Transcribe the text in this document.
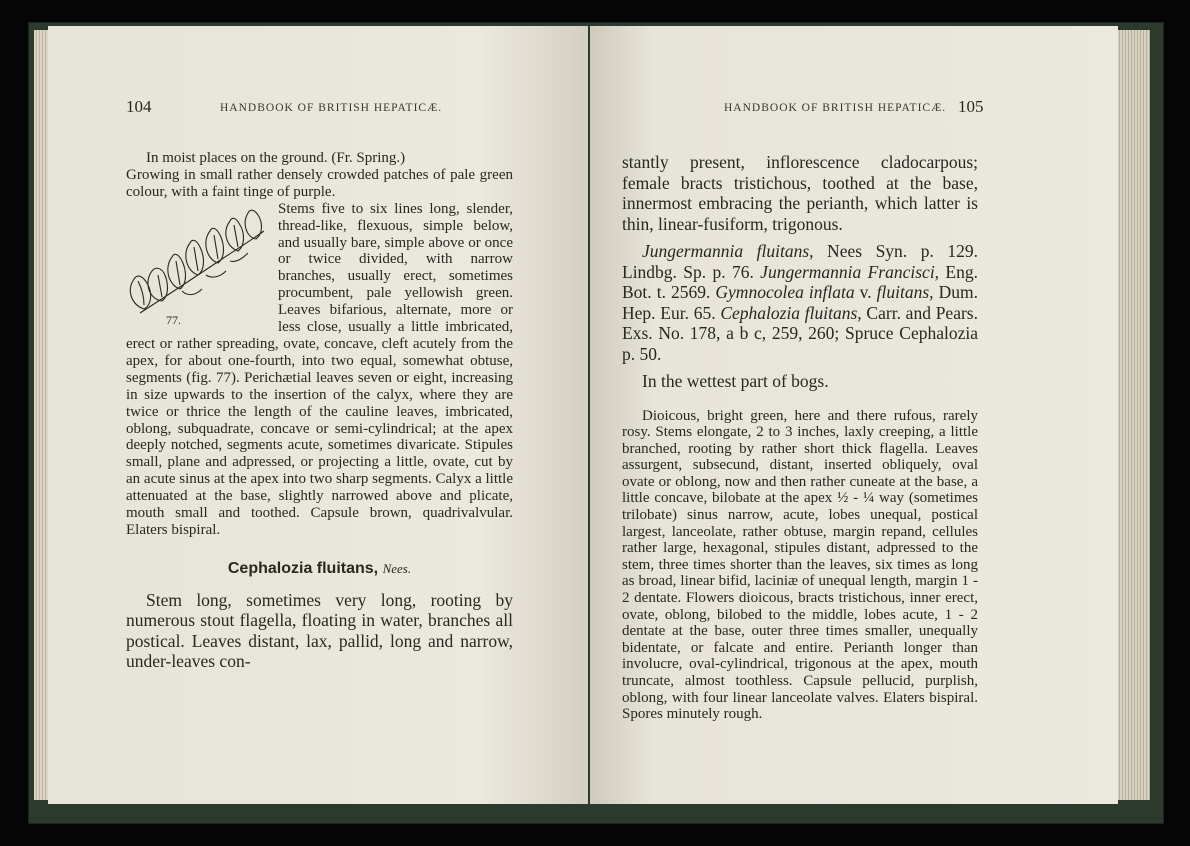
104	HANDBOOK OF BRITISH HEPATICÆ.

In moist places on the ground. (Fr. Spring.)

Growing in small rather densely crowded patches of pale green colour, with a faint tinge of purple.

77.

Stems five to six lines long, slender, thread-like, flexuous, simple below, and usually bare, simple above or once or twice divided, with narrow branches, usually erect, sometimes procumbent, pale yellowish green. Leaves bifarious, alternate, more or less close, usually a little imbricated, erect or rather spreading, ovate, concave, cleft acutely from the apex, for about one-fourth, into two equal, somewhat obtuse, segments (fig. 77). Perichætial leaves seven or eight, increasing in size upwards to the insertion of the calyx, where they are twice or thrice the length of the cauline leaves, imbricated, oblong, subquadrate, concave or semi-cylindrical; at the apex deeply notched, segments acute, sometimes divaricate. Stipules small, plane and adpressed, or projecting a little, ovate, cut by an acute sinus at the apex into two sharp segments. Calyx a little attenuated at the base, slightly narrowed above and plicate, mouth small and toothed. Capsule brown, quadrivalvular. Elaters bispiral.

Cephalozia fluitans, Nees.

Stem long, sometimes very long, rooting by numerous stout flagella, floating in water, branches all postical. Leaves distant, lax, pallid, long and narrow, under-leaves con-

HANDBOOK OF BRITISH HEPATICÆ. 105

stantly present, inflorescence cladocarpous; female bracts tristichous, toothed at the base, innermost embracing the perianth, which latter is thin, linear-fusiform, trigonous.

Jungermannia fluitans, Nees Syn. p. 129. Lindbg. Sp. p. 76. Jungermannia Francisci, Eng. Bot. t. 2569. Gymnocolea inflata v. fluitans, Dum. Hep. Eur. 65. Cephalozia fluitans, Carr. and Pears. Exs. No. 178, a b c, 259, 260; Spruce Cephalozia p. 50.

In the wettest part of bogs.

Dioicous, bright green, here and there rufous, rarely rosy. Stems elongate, 2 to 3 inches, laxly creeping, a little branched, rooting by rather short thick flagella. Leaves assurgent, subsecund, distant, inserted obliquely, oval ovate or oblong, now and then rather cuneate at the base, a little concave, bilobate at the apex ½ - ¼ way (sometimes trilobate) sinus narrow, acute, lobes unequal, postical largest, lanceolate, rather obtuse, margin repand, cellules rather large, hexagonal, stipules distant, adpressed to the stem, three times shorter than the leaves, six times as long as broad, linear bifid, laciniæ of unequal length, margin 1 - 2 dentate. Flowers dioicous, bracts tristichous, inner erect, ovate, oblong, bilobed to the middle, lobes acute, 1 - 2 dentate at the base, outer three times smaller, unequally bidentate, or falcate and entire. Perianth longer than involucre, oval-cylindrical, trigonous at the apex, mouth truncate, almost toothless. Capsule pellucid, purplish, oblong, with four linear lanceolate valves. Elaters bispiral. Spores minutely rough.
